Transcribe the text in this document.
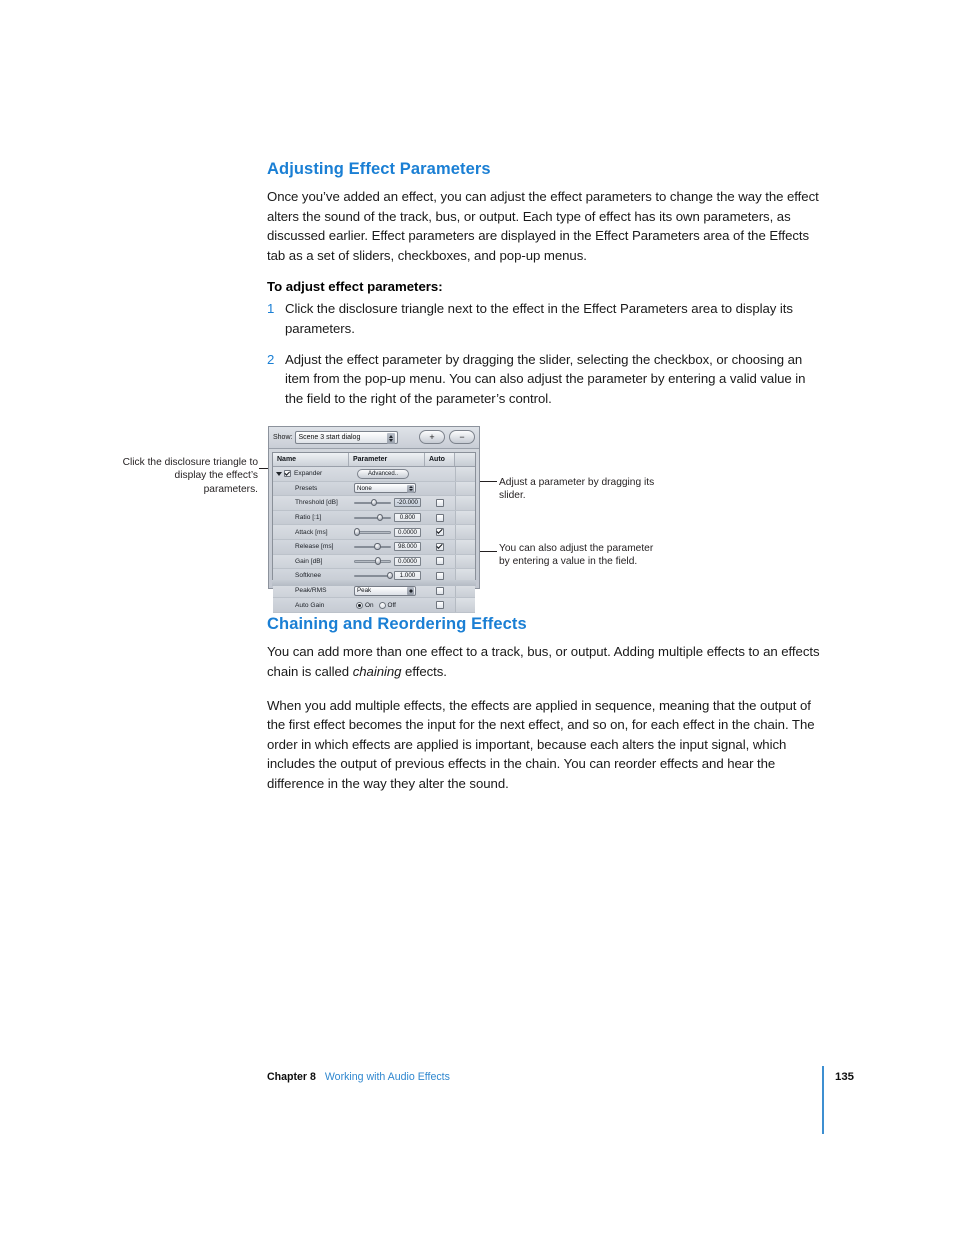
Adjusting Effect Parameters

Once you’ve added an effect, you can adjust the effect parameters to change the way the effect alters the sound of the track, bus, or output. Each type of effect has its own parameters, as discussed earlier. Effect parameters are displayed in the Effect Parameters area of the Effects tab as a set of sliders, checkboxes, and pop-up menus.

To adjust effect parameters:

1 Click the disclosure triangle next to the effect in the Effect Parameters area to display its parameters.
2 Adjust the effect parameter by dragging the slider, selecting the checkbox, or choosing an item from the pop-up menu. You can also adjust the parameter by entering a valid value in the field to the right of the parameter’s control.
Chaining and Reordering Effects

You can add more than one effect to a track, bus, or output. Adding multiple effects to an effects chain is called chaining effects.

When you add multiple effects, the effects are applied in sequence, meaning that the output of the first effect becomes the input for the next effect, and so on, for each effect in the chain. The order in which effects are applied is important, because each alters the input signal, which includes the output of previous effects in the chain. You can reorder effects and hear the difference in the way they alter the sound.

Click the disclosure triangle to display the effect’s parameters.
Adjust a parameter by dragging its slider.
You can also adjust the parameter by entering a value in the field.
Show: Scene 3 start dialog	+	−
Name	Parameter	Auto
Expander	Advanced..
Presets	None
Threshold [dB]	-20.000
Ratio [:1]	0.800
Attack [ms]	0.0000
Release [ms]	98.000
Gain [dB]	0.0000
Softknee	1.000
Peak/RMS	Peak
Auto Gain	On Off
Chapter 8 Working with Audio Effects	135
